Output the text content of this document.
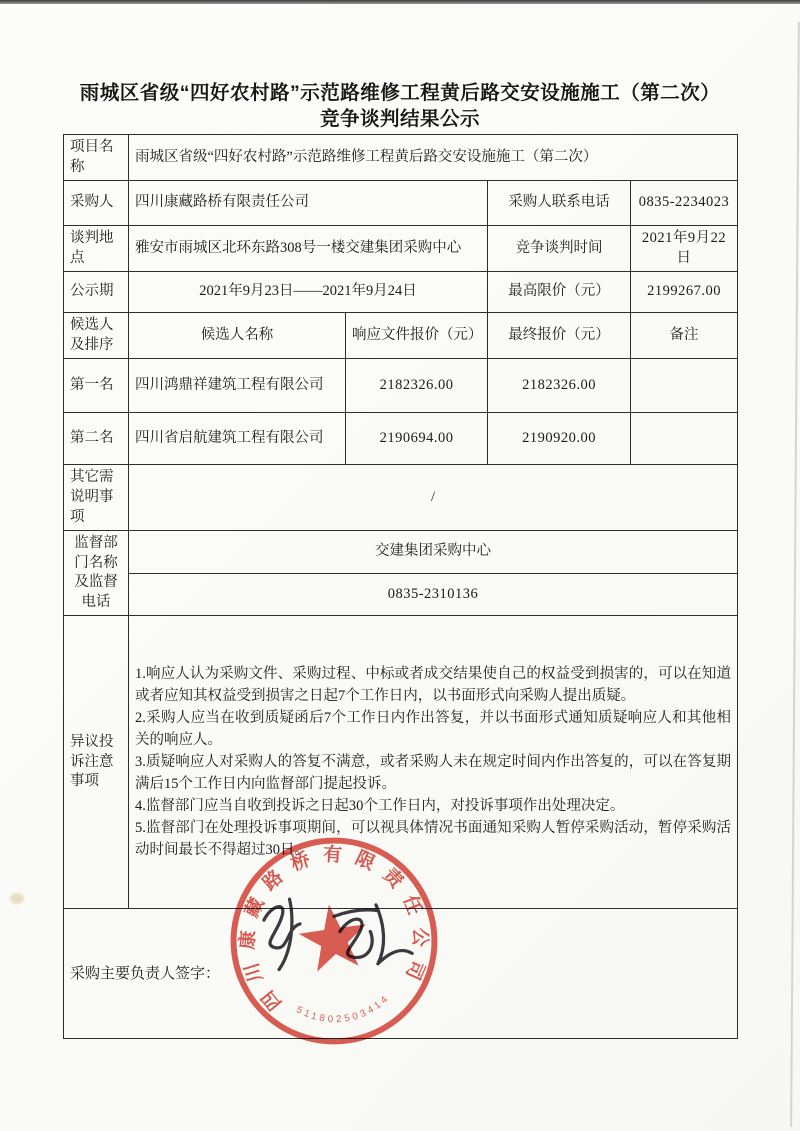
雨城区省级“四好农村路”示范路维修工程黄后路交安设施施工（第二次）
竞争谈判结果公示
项目名称	雨城区省级“四好农村路”示范路维修工程黄后路交安设施施工（第二次）			
采购人	四川康藏路桥有限责任公司		采购人联系电话	0835-2234023
谈判地点	雅安市雨城区北环东路308号一楼交建集团采购中心		竞争谈判时间	2021年9月22日
公示期	2021年9月23日——2021年9月24日		最高限价（元）	2199267.00
候选人及排序	候选人名称	响应文件报价（元）	最终报价（元）	备注
第一名	四川鸿鼎祥建筑工程有限公司	2182326.00	2182326.00	
第二名	四川省启航建筑工程有限公司	2190694.00	2190920.00	
其它需说明事项	/			
监督部门名称及监督电话	交建集团采购中心			
	0835-2310136			
异议投诉注意事项	1.响应人认为采购文件、采购过程、中标或者成交结果使自己的权益受到损害的，可以在知道或者应知其权益受到损害之日起7个工作日内，以书面形式向采购人提出质疑。

2.采购人应当在收到质疑函后7个工作日内作出答复，并以书面形式通知质疑响应人和其他相关的响应人。

3.质疑响应人对采购人的答复不满意，或者采购人未在规定时间内作出答复的，可以在答复期满后15个工作日内向监督部门提起投诉。

4.监督部门应当自收到投诉之日起30个工作日内，对投诉事项作出处理决定。

5.监督部门在处理投诉事项期间，可以视具体情况书面通知采购人暂停采购活动，暂停采购活动时间最长不得超过30日。			

采购主要负责人签字：				
四川康藏路桥有限责任公司
511802503414
